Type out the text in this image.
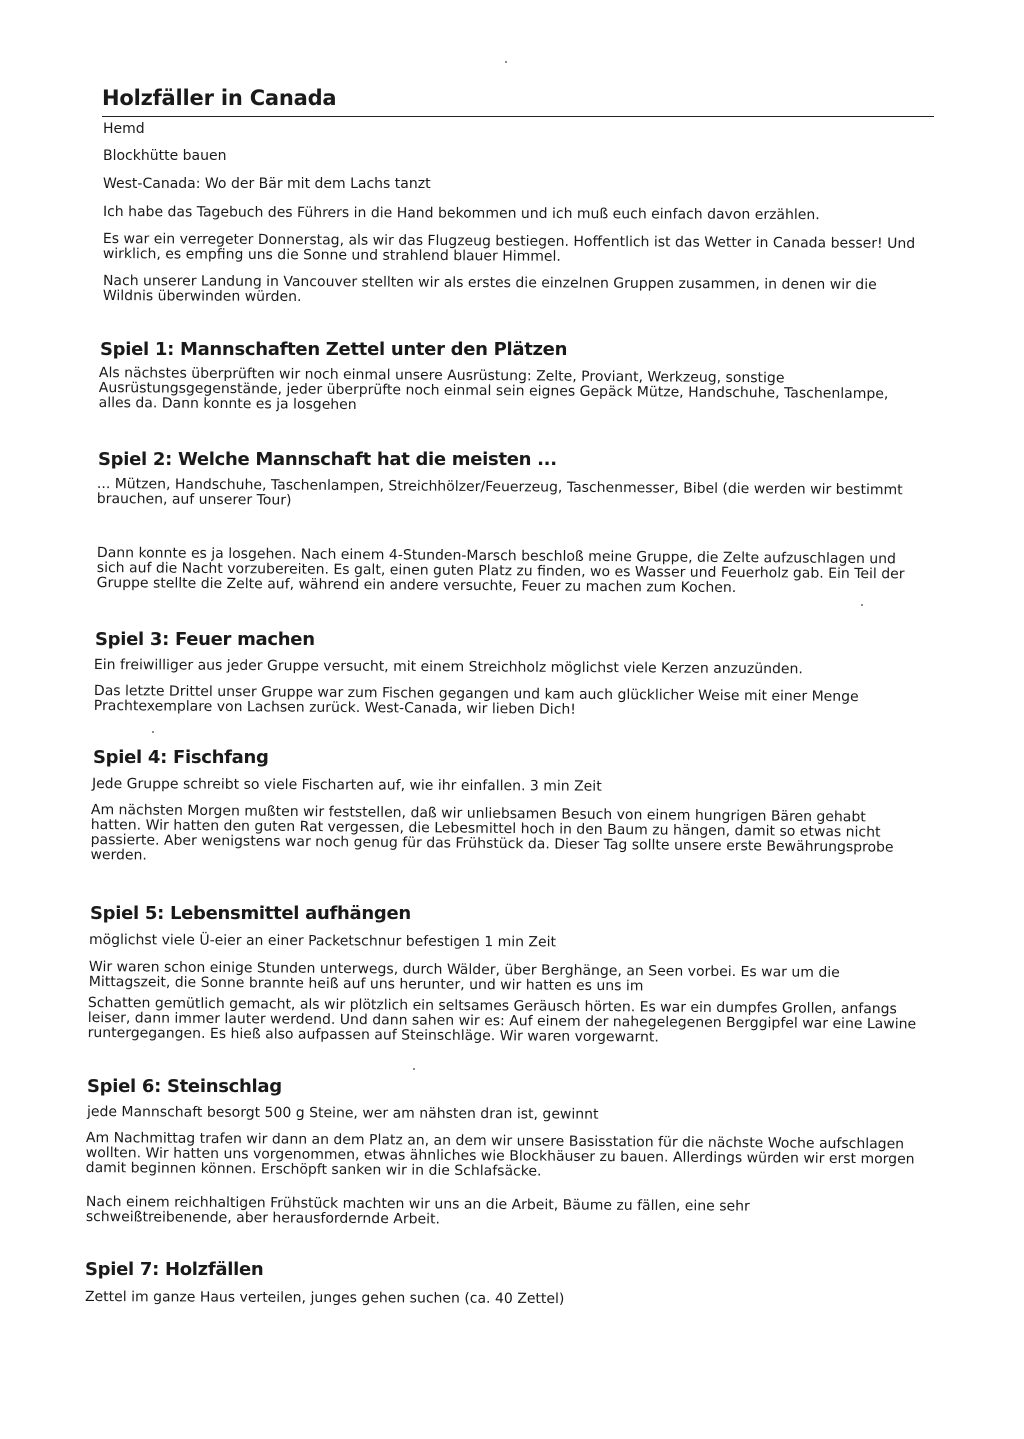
Holzfäller in Canada

Hemd

Blockhütte bauen

West-Canada: Wo der Bär mit dem Lachs tanzt

Ich habe das Tagebuch des Führers in die Hand bekommen und ich muß euch einfach davon erzählen.

Es war ein verregeter Donnerstag, als wir das Flugzeug bestiegen. Hoffentlich ist das Wetter in Canada besser! Und wirklich, es empfing uns die Sonne und strahlend blauer Himmel.

Nach unserer Landung in Vancouver stellten wir als erstes die einzelnen Gruppen zusammen, in denen wir die Wildnis überwinden würden.

Spiel 1: Mannschaften Zettel unter den Plätzen

Als nächstes überprüften wir noch einmal unsere Ausrüstung: Zelte, Proviant, Werkzeug, sonstige Ausrüstungsgegenstände, jeder überprüfte noch einmal sein eignes Gepäck Mütze, Handschuhe, Taschenlampe, alles da. Dann konnte es ja losgehen

Spiel 2: Welche Mannschaft hat die meisten ...

... Mützen, Handschuhe, Taschenlampen, Streichhölzer/Feuerzeug, Taschenmesser, Bibel (die werden wir bestimmt brauchen, auf unserer Tour)

Dann konnte es ja losgehen. Nach einem 4-Stunden-Marsch beschloß meine Gruppe, die Zelte aufzuschlagen und sich auf die Nacht vorzubereiten. Es galt, einen guten Platz zu finden, wo es Wasser und Feuerholz gab. Ein Teil der Gruppe stellte die Zelte auf, während ein andere versuchte, Feuer zu machen zum Kochen.

Spiel 3: Feuer machen

Ein freiwilliger aus jeder Gruppe versucht, mit einem Streichholz möglichst viele Kerzen anzuzünden.

Das letzte Drittel unser Gruppe war zum Fischen gegangen und kam auch glücklicher Weise mit einer Menge Prachtexemplare von Lachsen zurück. West-Canada, wir lieben Dich!

Spiel 4: Fischfang

Jede Gruppe schreibt so viele Fischarten auf, wie ihr einfallen. 3 min Zeit

Am nächsten Morgen mußten wir feststellen, daß wir unliebsamen Besuch von einem hungrigen Bären gehabt hatten. Wir hatten den guten Rat vergessen, die Lebesmittel hoch in den Baum zu hängen, damit so etwas nicht passierte. Aber wenigstens war noch genug für das Frühstück da. Dieser Tag sollte unsere erste Bewährungsprobe werden.

Spiel 5: Lebensmittel aufhängen

möglichst viele Ü-eier an einer Packetschnur befestigen 1 min Zeit

Wir waren schon einige Stunden unterwegs, durch Wälder, über Berghänge, an Seen vorbei. Es war um die Mittagszeit, die Sonne brannte heiß auf uns herunter, und wir hatten es uns im

Schatten gemütlich gemacht, als wir plötzlich ein seltsames Geräusch hörten. Es war ein dumpfes Grollen, anfangs leiser, dann immer lauter werdend. Und dann sahen wir es: Auf einem der nahegelegenen Berggipfel war eine Lawine runtergegangen. Es hieß also aufpassen auf Steinschläge. Wir waren vorgewarnt.

Spiel 6: Steinschlag

jede Mannschaft besorgt 500 g Steine, wer am nähsten dran ist, gewinnt

Am Nachmittag trafen wir dann an dem Platz an, an dem wir unsere Basisstation für die nächste Woche aufschlagen wollten. Wir hatten uns vorgenommen, etwas ähnliches wie Blockhäuser zu bauen. Allerdings würden wir erst morgen damit beginnen können. Erschöpft sanken wir in die Schlafsäcke.

Nach einem reichhaltigen Frühstück machten wir uns an die Arbeit, Bäume zu fällen, eine sehr schweißtreibenende, aber herausfordernde Arbeit.

Spiel 7: Holzfällen

Zettel im ganze Haus verteilen, junges gehen suchen (ca. 40 Zettel)
